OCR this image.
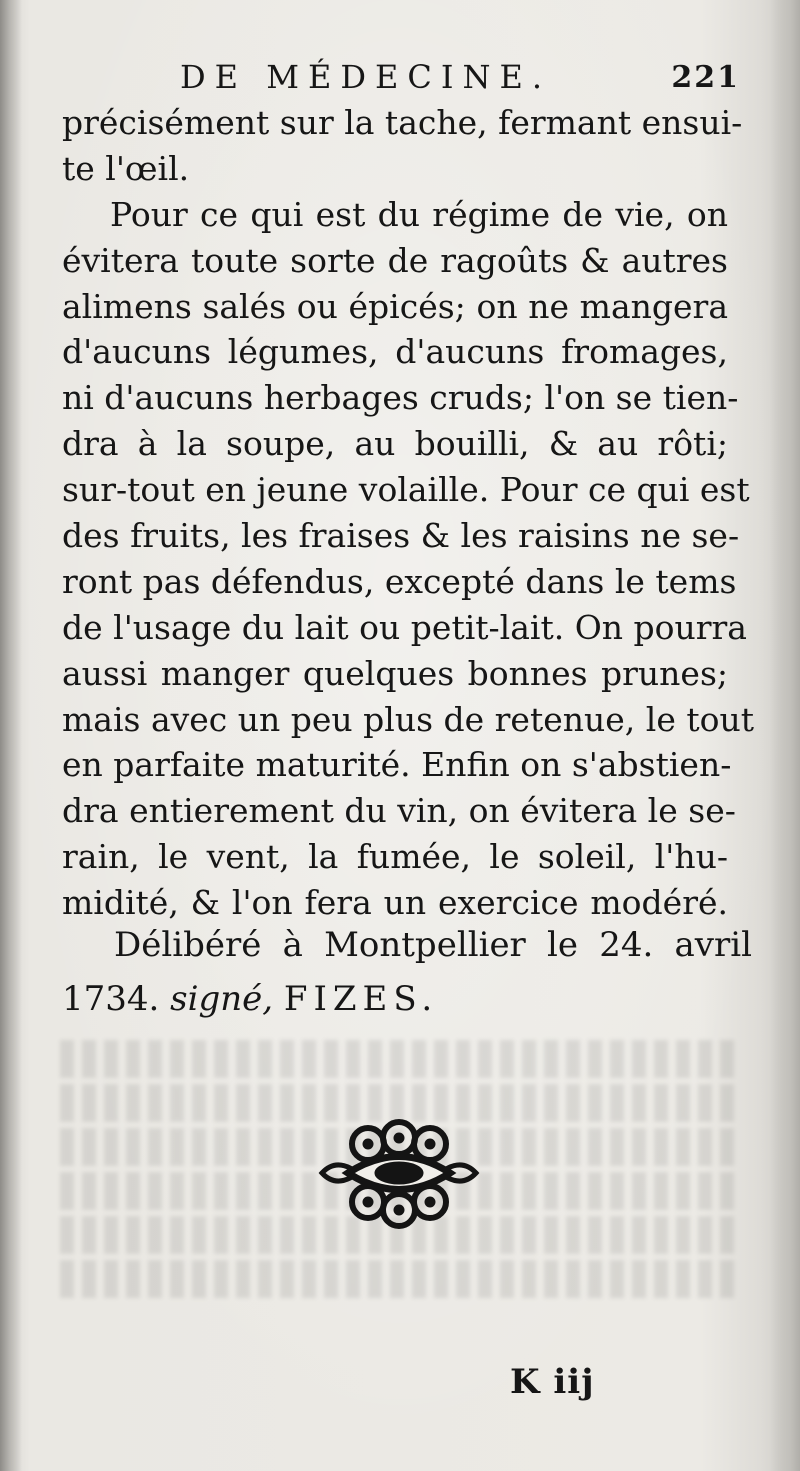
DE MÉDECINE.	221
précisément sur la tache, fermant ensui-
te l'œil.
Pour ce qui est du régime de vie, on
évitera toute sorte de ragoûts & autres
alimens salés ou épicés; on ne mangera
d'aucuns légumes, d'aucuns fromages,
ni d'aucuns herbages cruds; l'on se tien-
dra à la soupe, au bouilli, & au rôti;
sur-tout en jeune volaille. Pour ce qui est
des fruits, les fraises & les raisins ne se-
ront pas défendus, excepté dans le tems
de l'usage du lait ou petit-lait. On pourra
aussi manger quelques bonnes prunes;
mais avec un peu plus de retenue, le tout
en parfaite maturité. Enfin on s'abstien-
dra entierement du vin, on évitera le se-
rain, le vent, la fumée, le soleil, l'hu-
midité, & l'on fera un exercice modéré.
Délibéré à Montpellier le 24. avril
1734. signé, FIZES.
K iij
